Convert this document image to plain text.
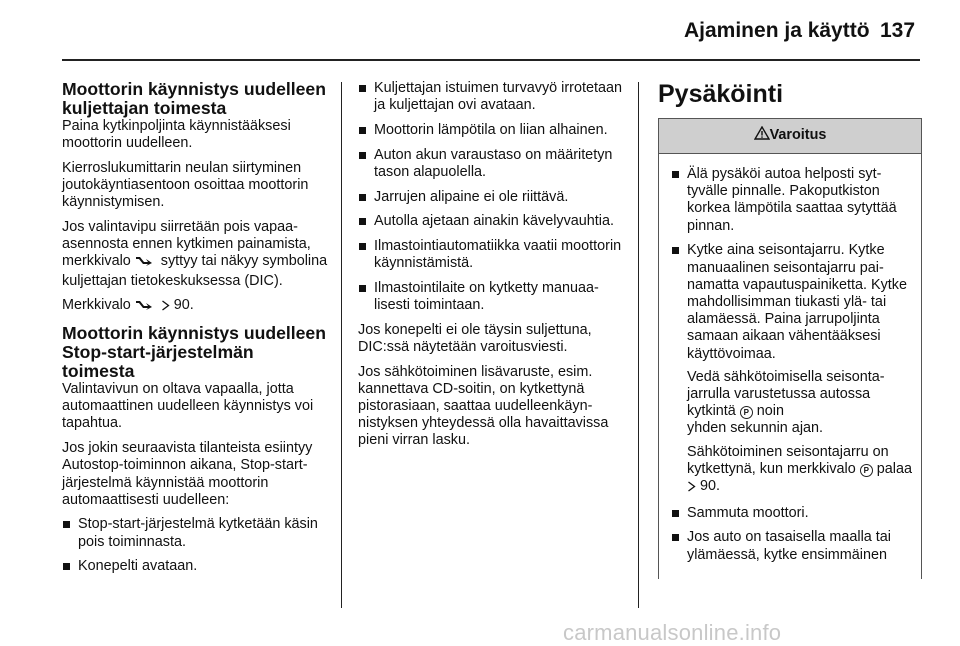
Ajaminen ja käyttö 137
Moottorin käynnistys uudelleen
kuljettajan toimesta

Paina kytkinpoljinta käynnistääksesi moottorin uudelleen.

Kierroslukumittarin neulan siirtyminen joutokäyntiasentoon osoittaa moottorin käynnistymisen.

Jos valintavipu siirretään pois vapaa-asennosta ennen kytkimen painamista, merkkivalo syttyy tai näkyy symbolina kuljettajan tietokeskuksessa (DIC).

Merkkivalo	90.

Moottorin käynnistys uudelleen
Stop-start-järjestelmän
toimesta

Valintavivun on oltava vapaalla, jotta automaattinen uudelleen käynnistys voi tapahtua.

Jos jokin seuraavista tilanteista esiintyy Autostop-toiminnon aikana, Stop-start-järjestelmä käynnistää moottorin automaattisesti uudelleen:

Stop-start-järjestelmä kytketään käsin pois toiminnasta.
Konepelti avataan.
Kuljettajan istuimen turvavyö irrotetaan ja kuljettajan ovi avataan.
Moottorin lämpötila on liian alhainen.
Auton akun varaustaso on määritetyn tason alapuolella.
Jarrujen alipaine ei ole riittävä.
Autolla ajetaan ainakin kävelyvauhtia.
Ilmastointiautomatiikka vaatii moottorin käynnistämistä.
Ilmastointilaite on kytketty manuaalisesti toimintaan.

Jos konepelti ei ole täysin suljettuna, DIC:ssä näytetään varoitusviesti.

Jos sähkötoiminen lisävaruste, esim. kannettava CD-soitin, on kytkettynä pistorasiaan, saattaa uudelleenkäynnistyksen yhteydessä olla havaittavissa pieni virran lasku.

Pysäköinti
Varoitus
Älä pysäköi autoa helposti syttyvälle pinnalle. Pakoputkiston korkea lämpötila saattaa sytyttää pinnan.

Kytke aina seisontajarru. Kytke manuaalinen seisontajarru painamatta vapautuspainiketta. Kytke mahdollisimman tiukasti ylä- tai alamäessä. Paina jarrupoljinta samaan aikaan vähentääksesi käyttövoimaa.

Vedä sähkötoimisella seisontajarrulla varustetussa autossa kytkintä P noin
yhden sekunnin ajan.

Sähkötoiminen seisontajarru on kytkettynä, kun merkkivalo P palaa  90.

Sammuta moottori.
Jos auto on tasaisella maalla tai ylämäessä, kytke ensimmäinen
carmanualsonline.info
